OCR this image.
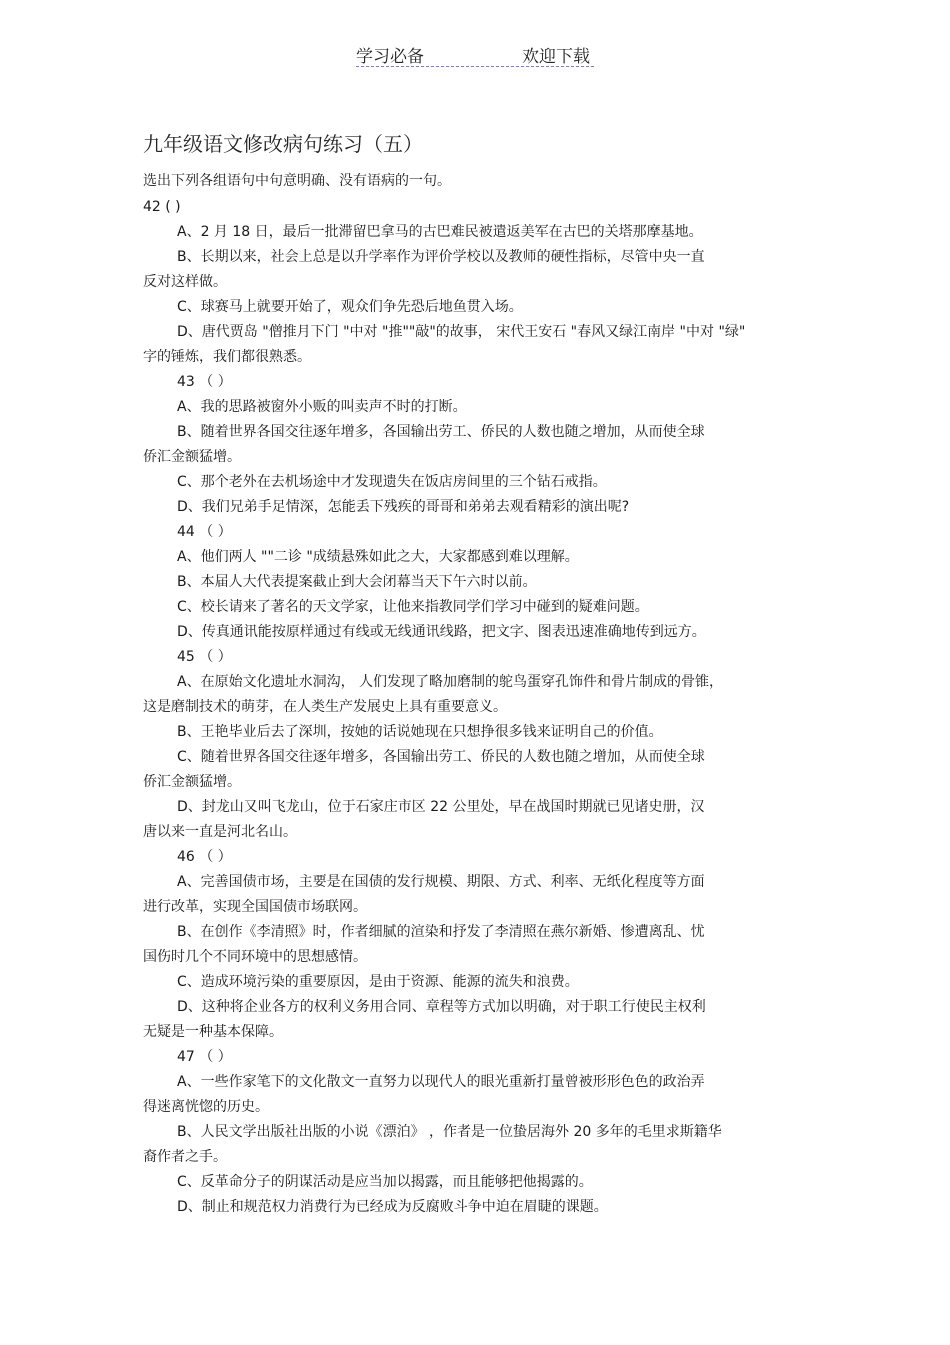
学习必备	欢迎下载
九年级语文修改病句练习（五）
选出下列各组语句中句意明确、没有语病的一句。
42 ( )
A、2 月 18 日，最后一批滞留巴拿马的古巴难民被遣返美军在古巴的关塔那摩基地。
B、长期以来，社会上总是以升学率作为评价学校以及教师的硬性指标，尽管中央一直
反对这样做。
C、球赛马上就要开始了，观众们争先恐后地鱼贯入场。
D、唐代贾岛 "僧推月下门 "中对 "推""敲"的故事， 宋代王安石 "春风又绿江南岸 "中对 "绿"
字的锤炼，我们都很熟悉。
43 （ ）
A、我的思路被窗外小贩的叫卖声不时的打断。
B、随着世界各国交往逐年增多，各国输出劳工、侨民的人数也随之增加，从而使全球
侨汇金额猛增。
C、那个老外在去机场途中才发现遗失在饭店房间里的三个钻石戒指。
D、我们兄弟手足情深，怎能丢下残疾的哥哥和弟弟去观看精彩的演出呢?
44 （ ）
A、他们两人 ""二诊 "成绩悬殊如此之大，大家都感到难以理解。
B、本届人大代表提案截止到大会闭幕当天下午六时以前。
C、校长请来了著名的天文学家，让他来指教同学们学习中碰到的疑难问题。
D、传真通讯能按原样通过有线或无线通讯线路，把文字、图表迅速准确地传到远方。
45 （ ）
A、在原始文化遗址水洞沟， 人们发现了略加磨制的鸵鸟蛋穿孔饰件和骨片制成的骨锥，
这是磨制技术的萌芽，在人类生产发展史上具有重要意义。
B、王艳毕业后去了深圳，按她的话说她现在只想挣很多钱来证明自己的价值。
C、随着世界各国交往逐年增多，各国输出劳工、侨民的人数也随之增加，从而使全球
侨汇金额猛增。
D、封龙山又叫飞龙山，位于石家庄市区 22 公里处，早在战国时期就已见诸史册，汉
唐以来一直是河北名山。
46 （ ）
A、完善国债市场，主要是在国债的发行规模、期限、方式、利率、无纸化程度等方面
进行改革，实现全国国债市场联网。
B、在创作《李清照》时，作者细腻的渲染和抒发了李清照在燕尔新婚、惨遭离乱、忧
国伤时几个不同环境中的思想感情。
C、造成环境污染的重要原因，是由于资源、能源的流失和浪费。
D、这种将企业各方的权利义务用合同、章程等方式加以明确，对于职工行使民主权利
无疑是一种基本保障。
47 （ ）
A、一些作家笔下的文化散文一直努力以现代人的眼光重新打量曾被形形色色的政治弄
得迷离恍惚的历史。
B、人民文学出版社出版的小说《漂泊》 ，作者是一位蛰居海外 20 多年的毛里求斯籍华
裔作者之手。
C、反革命分子的阴谋活动是应当加以揭露，而且能够把他揭露的。
D、制止和规范权力消费行为已经成为反腐败斗争中迫在眉睫的课题。
